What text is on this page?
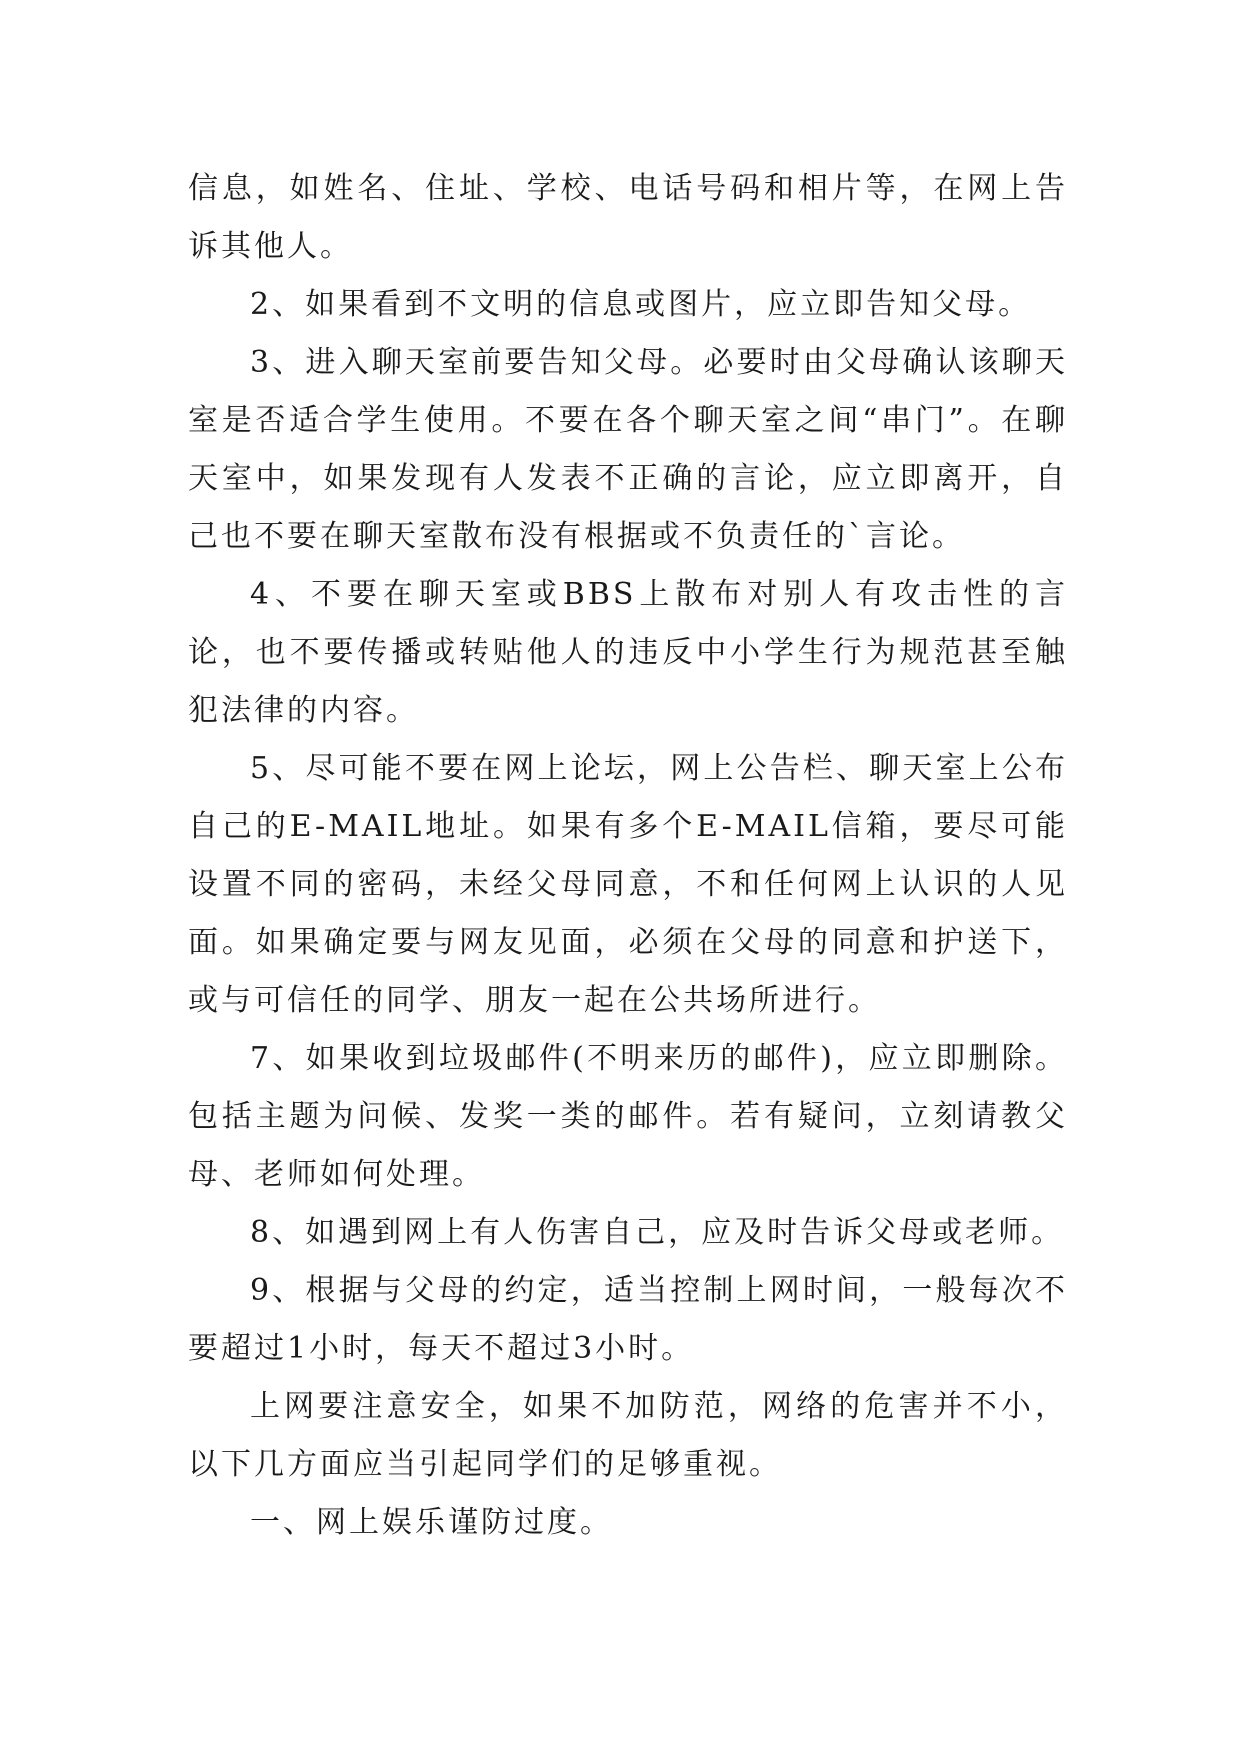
信息，如姓名、住址、学校、电话号码和相片等，在网上告诉其他人。

2、如果看到不文明的信息或图片，应立即告知父母。

3、进入聊天室前要告知父母。必要时由父母确认该聊天室是否适合学生使用。不要在各个聊天室之间“串门”。在聊天室中，如果发现有人发表不正确的言论，应立即离开，自己也不要在聊天室散布没有根据或不负责任的`言论。

4、不要在聊天室或BBS上散布对别人有攻击性的言论，也不要传播或转贴他人的违反中小学生行为规范甚至触犯法律的内容。

5、尽可能不要在网上论坛，网上公告栏、聊天室上公布自己的E-MAIL地址。如果有多个E-MAIL信箱，要尽可能设置不同的密码，未经父母同意，不和任何网上认识的人见面。如果确定要与网友见面，必须在父母的同意和护送下，或与可信任的同学、朋友一起在公共场所进行。

7、如果收到垃圾邮件(不明来历的邮件)，应立即删除。包括主题为问候、发奖一类的邮件。若有疑问，立刻请教父母、老师如何处理。

8、如遇到网上有人伤害自己，应及时告诉父母或老师。

9、根据与父母的约定，适当控制上网时间，一般每次不要超过1小时，每天不超过3小时。

上网要注意安全，如果不加防范，网络的危害并不小，以下几方面应当引起同学们的足够重视。

一、网上娱乐谨防过度。
